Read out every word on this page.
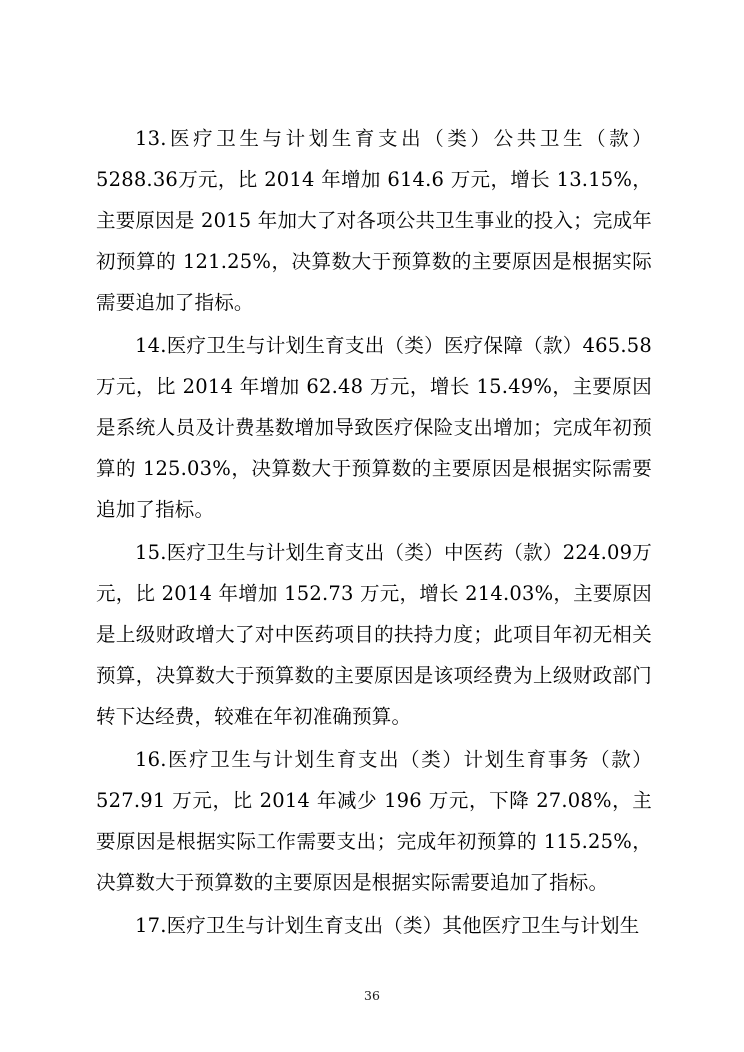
13.医疗卫生与计划生育支出（类）公共卫生（款）5288.36万元，比 2014 年增加 614.6 万元，增长 13.15%，主要原因是 2015 年加大了对各项公共卫生事业的投入；完成年初预算的 121.25%，决算数大于预算数的主要原因是根据实际需要追加了指标。

14.医疗卫生与计划生育支出（类）医疗保障（款）465.58万元，比 2014 年增加 62.48 万元，增长 15.49%，主要原因是系统人员及计费基数增加导致医疗保险支出增加；完成年初预算的 125.03%，决算数大于预算数的主要原因是根据实际需要追加了指标。

15.医疗卫生与计划生育支出（类）中医药（款）224.09万元，比 2014 年增加 152.73 万元，增长 214.03%，主要原因是上级财政增大了对中医药项目的扶持力度；此项目年初无相关预算，决算数大于预算数的主要原因是该项经费为上级财政部门转下达经费，较难在年初准确预算。

16.医疗卫生与计划生育支出（类）计划生育事务（款）527.91 万元，比 2014 年减少 196 万元，下降 27.08%，主要原因是根据实际工作需要支出；完成年初预算的 115.25%，决算数大于预算数的主要原因是根据实际需要追加了指标。

17.医疗卫生与计划生育支出（类）其他医疗卫生与计划生

36
